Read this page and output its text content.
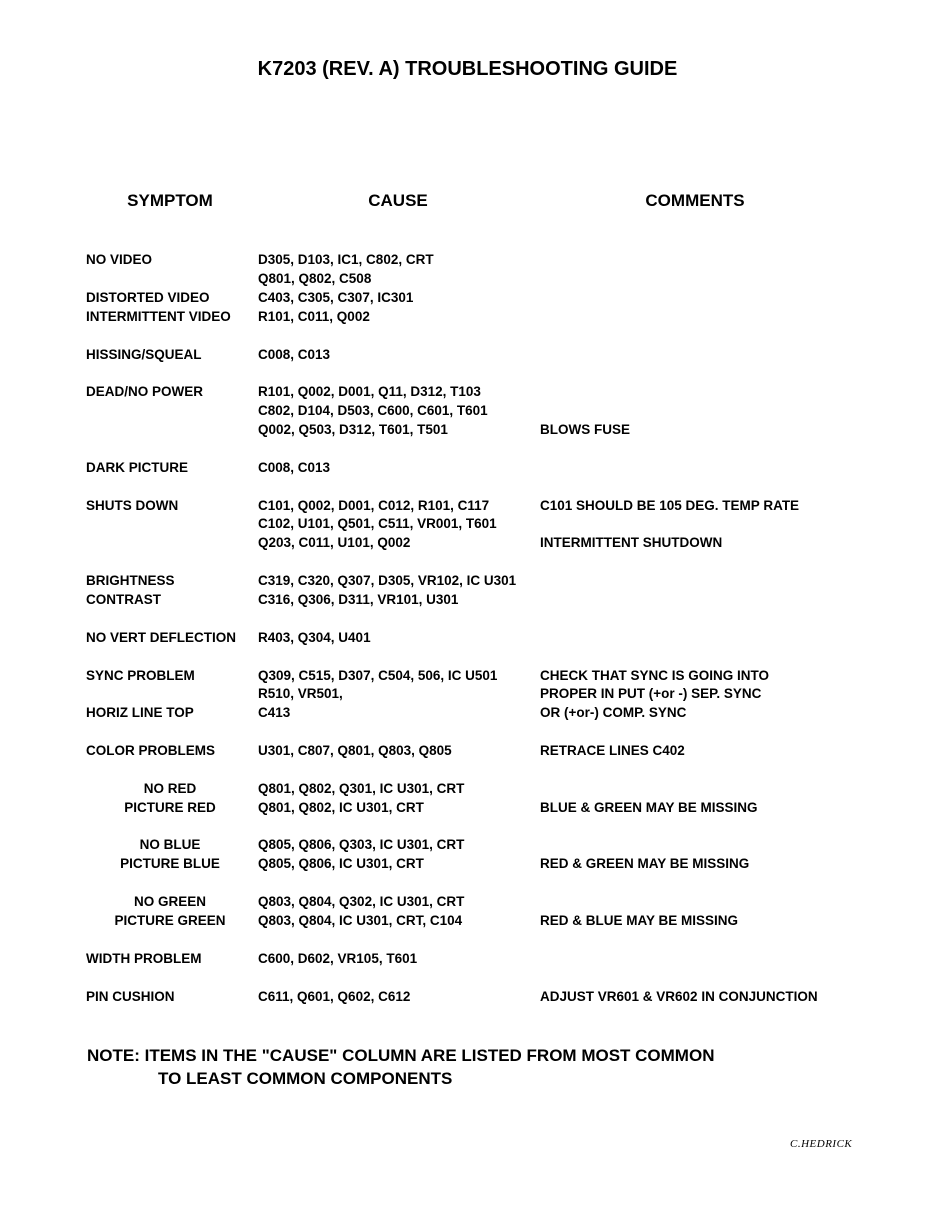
K7203 (REV. A) TROUBLESHOOTING GUIDE
SYMPTOM	CAUSE	COMMENTS
NO VIDEO	D305, D103, IC1, C802, CRT
Q801, Q802, C508
DISTORTED VIDEO	C403, C305, C307, IC301
INTERMITTENT VIDEO R101, C011, Q002
HISSING/SQUEAL	C008, C013
DEAD/NO POWER	R101, Q002, D001, Q11, D312, T103
C802, D104, D503, C600, C601, T601
Q002, Q503, D312, T601, T501	BLOWS FUSE
DARK PICTURE	C008, C013
SHUTS DOWN	C101, Q002, D001, C012, R101, C117	C101 SHOULD BE 105 DEG. TEMP RATE
C102, U101, Q501, C511, VR001, T601
Q203, C011, U101, Q002	INTERMITTENT SHUTDOWN
BRIGHTNESS	C319, C320, Q307, D305, VR102, IC U301
CONTRAST	C316, Q306, D311, VR101, U301
NO VERT DEFLECTION R403, Q304, U401
SYNC PROBLEM	Q309, C515, D307, C504, 506, IC U501	CHECK THAT SYNC IS GOING INTO
R510, VR501,	PROPER IN PUT (+or -) SEP. SYNC
HORIZ LINE TOP	C413	OR (+or-) COMP. SYNC
COLOR PROBLEMS	U301, C807, Q801, Q803, Q805	RETRACE LINES C402
NO RED	Q801, Q802, Q301, IC U301, CRT
PICTURE RED	Q801, Q802, IC U301, CRT	BLUE & GREEN MAY BE MISSING
NO BLUE	Q805, Q806, Q303, IC U301, CRT
PICTURE BLUE	Q805, Q806, IC U301, CRT	RED & GREEN MAY BE MISSING
NO GREEN	Q803, Q804, Q302, IC U301, CRT
PICTURE GREEN	Q803, Q804, IC U301, CRT, C104	RED & BLUE MAY BE MISSING
WIDTH PROBLEM	C600, D602, VR105, T601
PIN CUSHION	C611, Q601, Q602, C612	ADJUST VR601 & VR602 IN CONJUNCTION
NOTE: ITEMS IN THE "CAUSE" COLUMN ARE LISTED FROM MOST COMMON
TO LEAST COMMON COMPONENTS
C.HEDRICK
